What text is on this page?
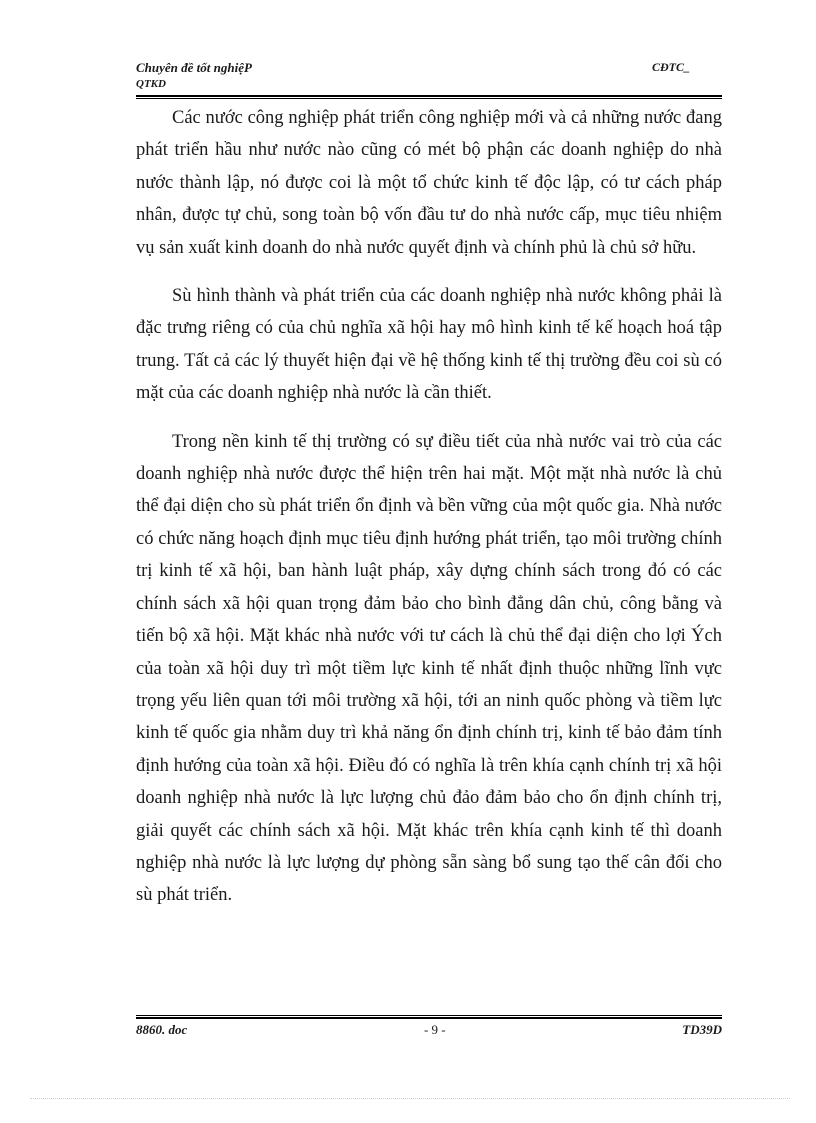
Chuyên đề tốt nghiệP
QTKD
CĐTC_

Các nước công nghiệp phát triển công nghiệp mới và cả những nước đang phát triển hầu như nước nào cũng có mét bộ phận các doanh nghiệp do nhà nước thành lập, nó được coi là một tổ chức kinh tế độc lập, có tư cách pháp nhân, được tự chủ, song toàn bộ vốn đầu tư do nhà nước cấp, mục tiêu nhiệm vụ sản xuất kinh doanh do nhà nước quyết định và chính phủ là chủ sở hữu.

Sù hình thành và phát triển của các doanh nghiệp nhà nước không phải là đặc trưng riêng có của chủ nghĩa xã hội hay mô hình kinh tế kế hoạch hoá tập trung. Tất cả các lý thuyết hiện đại về hệ thống kinh tế thị trường đều coi sù có mặt của các doanh nghiệp nhà nước là cần thiết.

Trong nền kinh tế thị trường có sự điều tiết của nhà nước vai trò của các doanh nghiệp nhà nước được thể hiện trên hai mặt. Một mặt nhà nước là chủ thể đại diện cho sù phát triển ổn định và bền vững của một quốc gia. Nhà nước có chức năng hoạch định mục tiêu định hướng phát triển, tạo môi trường chính trị kinh tế xã hội, ban hành luật pháp, xây dựng chính sách trong đó có các chính sách xã hội quan trọng đảm bảo cho bình đẳng dân chủ, công bằng và tiến bộ xã hội. Mặt khác nhà nước với tư cách là chủ thể đại diện cho lợi Ých của toàn xã hội duy trì một tiềm lực kinh tế nhất định thuộc những lĩnh vực trọng yếu liên quan tới môi trường xã hội, tới an ninh quốc phòng và tiềm lực kinh tế quốc gia nhằm duy trì khả năng ổn định chính trị, kinh tế bảo đảm tính định hướng của toàn xã hội. Điều đó có nghĩa là trên khía cạnh chính trị xã hội doanh nghiệp nhà nước là lực lượng chủ đảo đảm bảo cho ổn định chính trị, giải quyết các chính sách xã hội. Mặt khác trên khía cạnh kinh tế thì doanh nghiệp nhà nước là lực lượng dự phòng sẵn sàng bổ sung tạo thế cân đối cho sù phát triển.

8860. doc	- 9 -	TD39D
